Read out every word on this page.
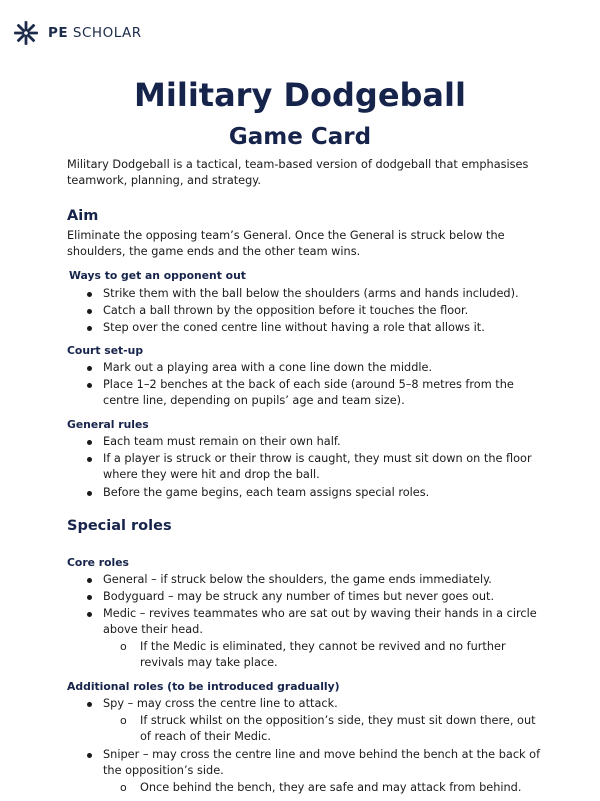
PE SCHOLAR
Military Dodgeball
Game Card

Military Dodgeball is a tactical, team-based version of dodgeball that emphasises teamwork, planning, and strategy.

Aim

Eliminate the opposing team’s General. Once the General is struck below the shoulders, the game ends and the other team wins.

Ways to get an opponent out

Strike them with the ball below the shoulders (arms and hands included).

Catch a ball thrown by the opposition before it touches the floor.

Step over the coned centre line without having a role that allows it.

Court set-up

Mark out a playing area with a cone line down the middle.

Place 1–2 benches at the back of each side (around 5–8 metres from the centre line, depending on pupils’ age and team size).

General rules

Each team must remain on their own half.

If a player is struck or their throw is caught, they must sit down on the floor where they were hit and drop the ball.

Before the game begins, each team assigns special roles.

Special roles
Core roles

General – if struck below the shoulders, the game ends immediately.

Bodyguard – may be struck any number of times but never goes out.

Medic – revives teammates who are sat out by waving their hands in a circle above their head.

o If the Medic is eliminated, they cannot be revived and no further revivals may take place.

Additional roles (to be introduced gradually)

Spy – may cross the centre line to attack.

o If struck whilst on the opposition’s side, they must sit down there, out of reach of their Medic.

Sniper – may cross the centre line and move behind the bench at the back of the opposition’s side.

o Once behind the bench, they are safe and may attack from behind.
